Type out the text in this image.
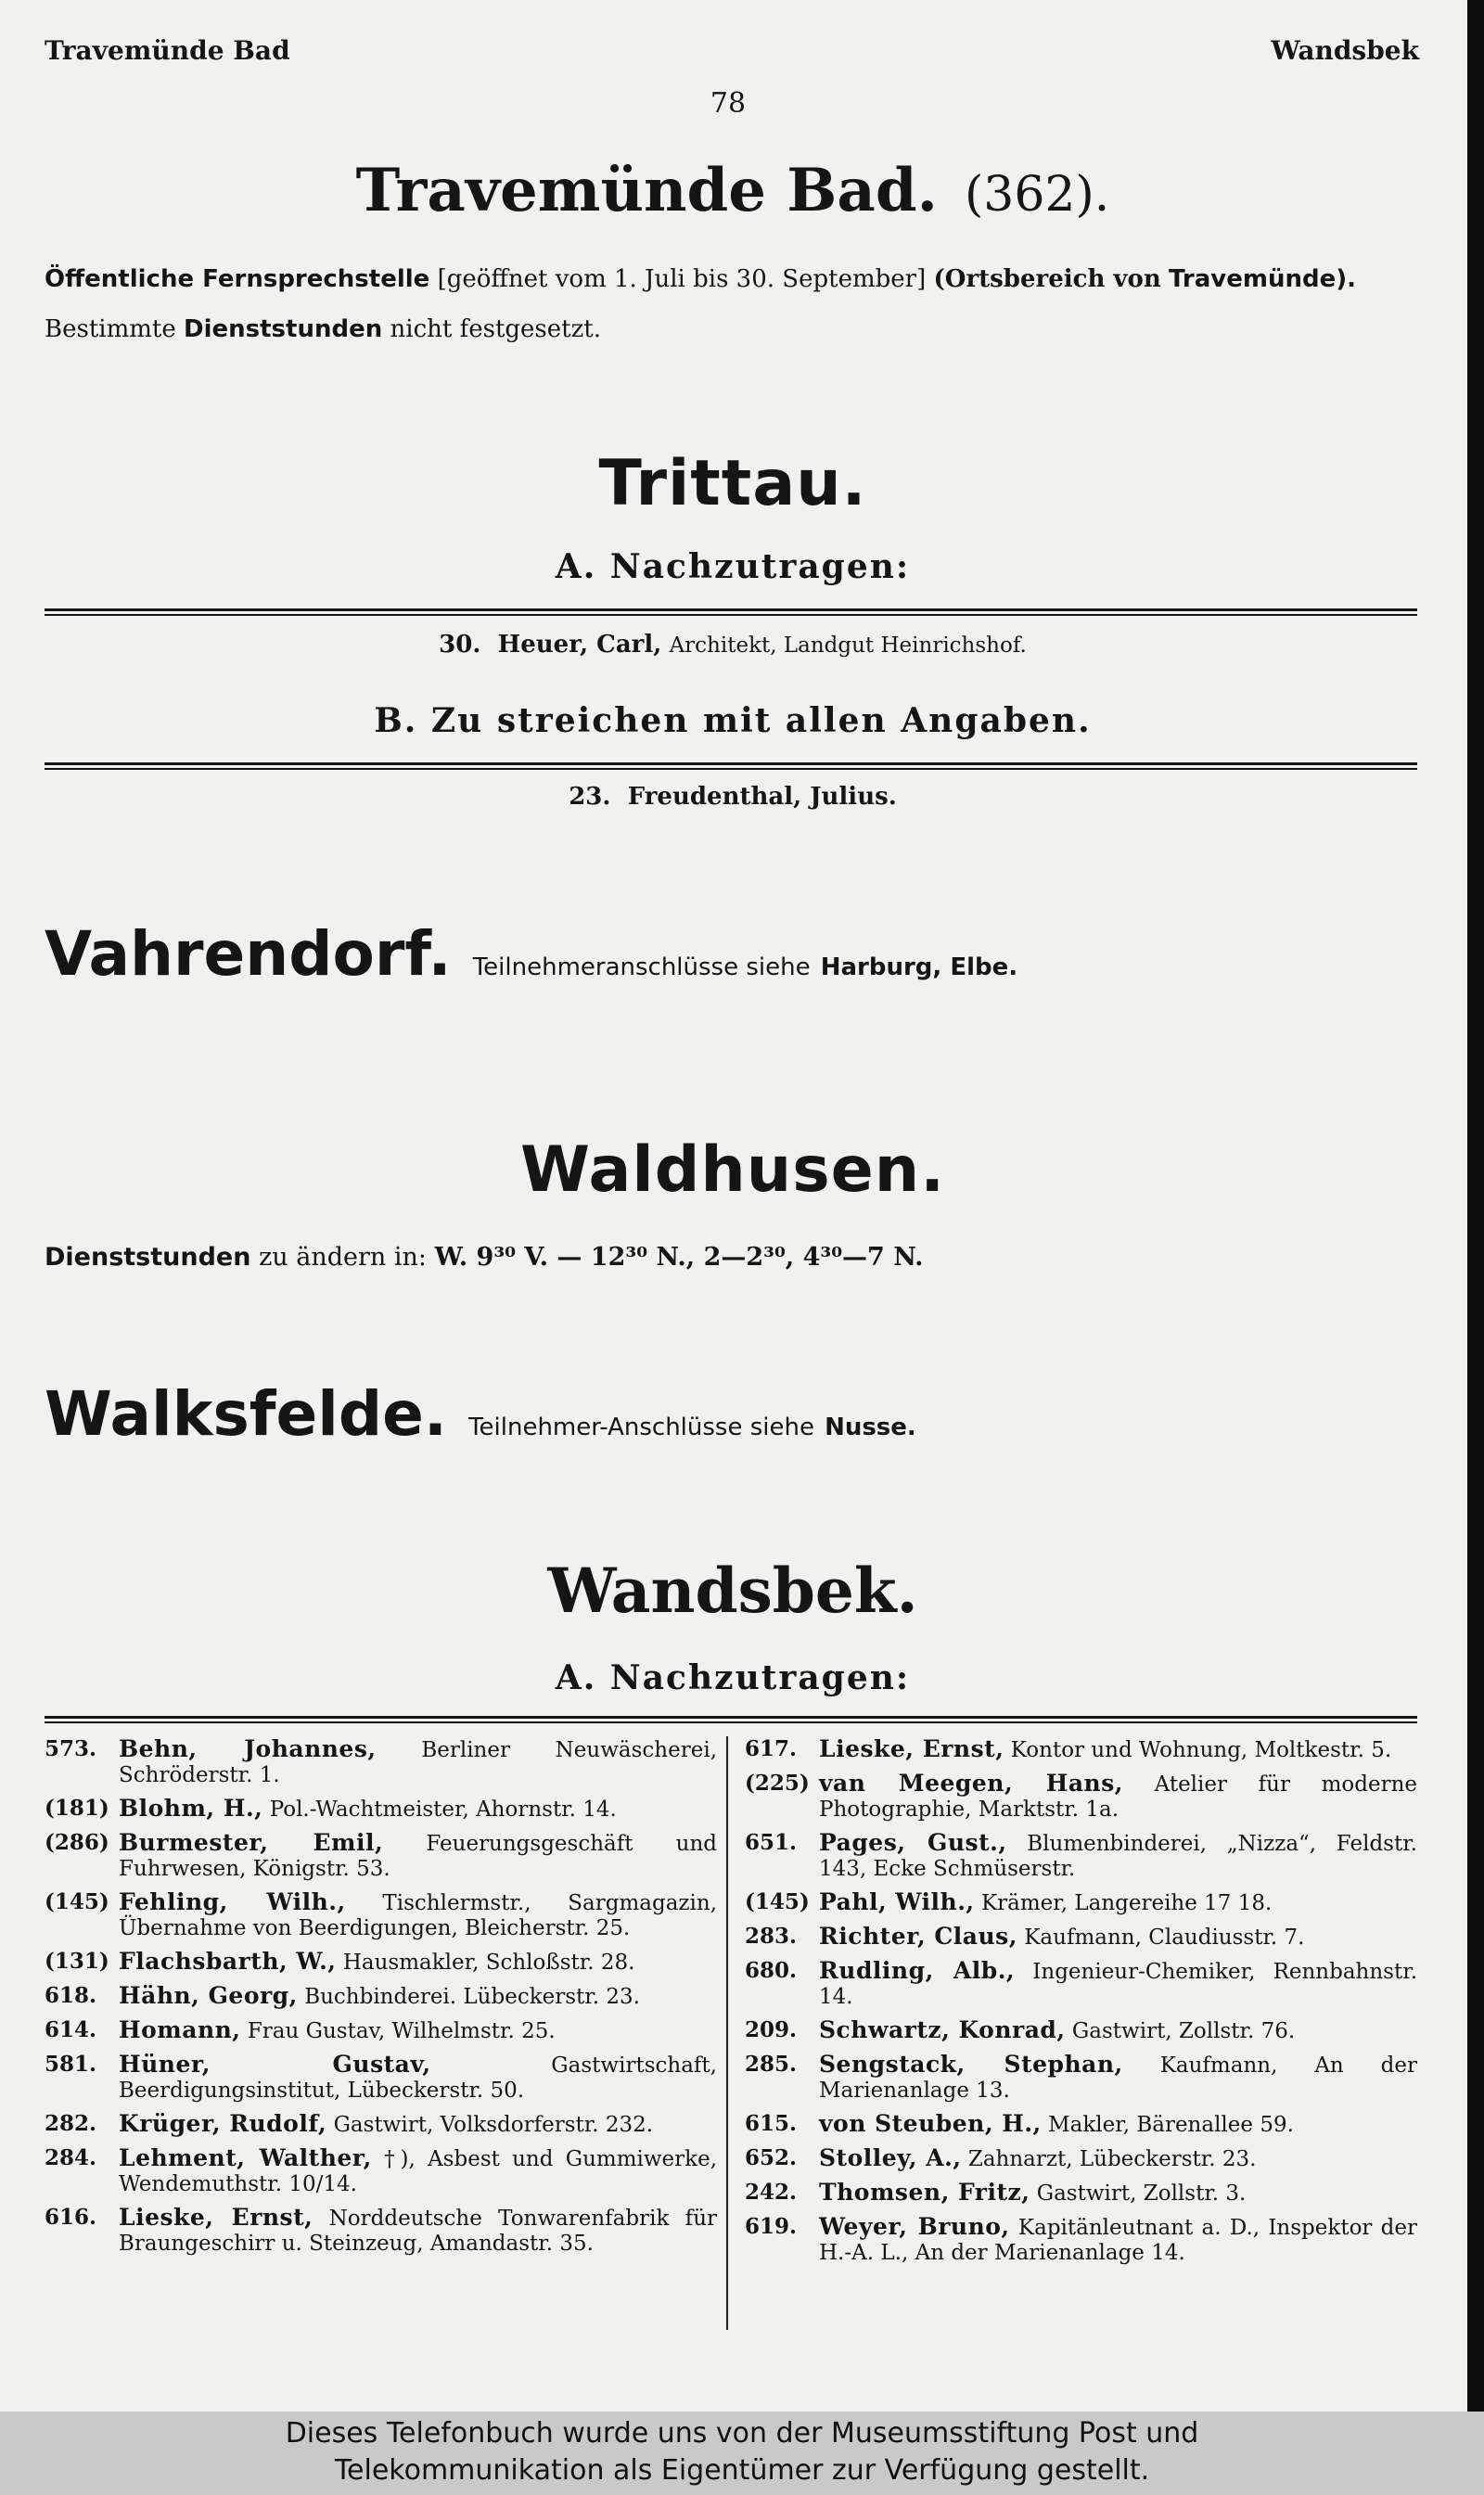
Travemünde Bad	Wandsbek
78
Travemünde Bad. (362).
Öffentliche Fernsprechstelle [geöffnet vom 1. Juli bis 30. September] (Ortsbereich von Travemünde).
Bestimmte Dienststunden nicht festgesetzt.
Trittau.
A. Nachzutragen:
30. Heuer, Carl, Architekt, Landgut Heinrichshof.
B. Zu streichen mit allen Angaben.
23. Freudenthal, Julius.
Vahrendorf. Teilnehmeranschlüsse siehe Harburg, Elbe.
Waldhusen.
Dienststunden zu ändern in: W. 9³⁰ V. — 12³⁰ N., 2—2³⁰, 4³⁰—7 N.
Walksfelde. Teilnehmer-Anschlüsse siehe Nusse.
Wandsbek.
A. Nachzutragen:
573. Behn, Johannes, Berliner Neuwäscherei, Schröderstr. 1.
(181) Blohm, H., Pol.-Wachtmeister, Ahornstr. 14.
(286) Burmester, Emil, Feuerungsgeschäft und Fuhrwesen, Königstr. 53.
(145) Fehling, Wilh., Tischlermstr., Sargmagazin, Übernahme von Beerdigungen, Bleicherstr. 25.
(131) Flachsbarth, W., Hausmakler, Schloßstr. 28.
618. Hähn, Georg, Buchbinderei. Lübeckerstr. 23.
614. Homann, Frau Gustav, Wilhelmstr. 25.
581. Hüner, Gustav,	Gastwirtschaft, Beerdigungsinstitut, Lübeckerstr. 50.
282. Krüger, Rudolf, Gastwirt, Volksdorferstr. 232.
284. Lehment, Walther, †), Asbest und Gummiwerke, Wendemuthstr. 10/14.
616. Lieske, Ernst, Norddeutsche Tonwarenfabrik für Braungeschirr u. Steinzeug, Amandastr. 35.
617. Lieske, Ernst, Kontor und Wohnung, Moltkestr. 5.
(225) van Meegen, Hans, Atelier für moderne Photographie, Marktstr. 1a.
651. Pages, Gust., Blumenbinderei, „Nizza“, Feldstr. 143, Ecke Schmüserstr.
(145) Pahl, Wilh., Krämer, Langereihe 17 18.
283. Richter, Claus, Kaufmann, Claudiusstr. 7.
680. Rudling, Alb., Ingenieur-Chemiker, Rennbahnstr. 14.
209. Schwartz, Konrad, Gastwirt, Zollstr. 76.
285. Sengstack, Stephan, Kaufmann, An der Marienanlage 13.
615. von Steuben, H., Makler, Bärenallee 59.
652. Stolley, A., Zahnarzt, Lübeckerstr. 23.
242. Thomsen, Fritz, Gastwirt, Zollstr. 3.
619. Weyer, Bruno, Kapitänleutnant a. D., Inspektor der H.-A. L., An der Marienanlage 14.
Dieses Telefonbuch wurde uns von der Museumsstiftung Post und
Telekommunikation als Eigentümer zur Verfügung gestellt.
